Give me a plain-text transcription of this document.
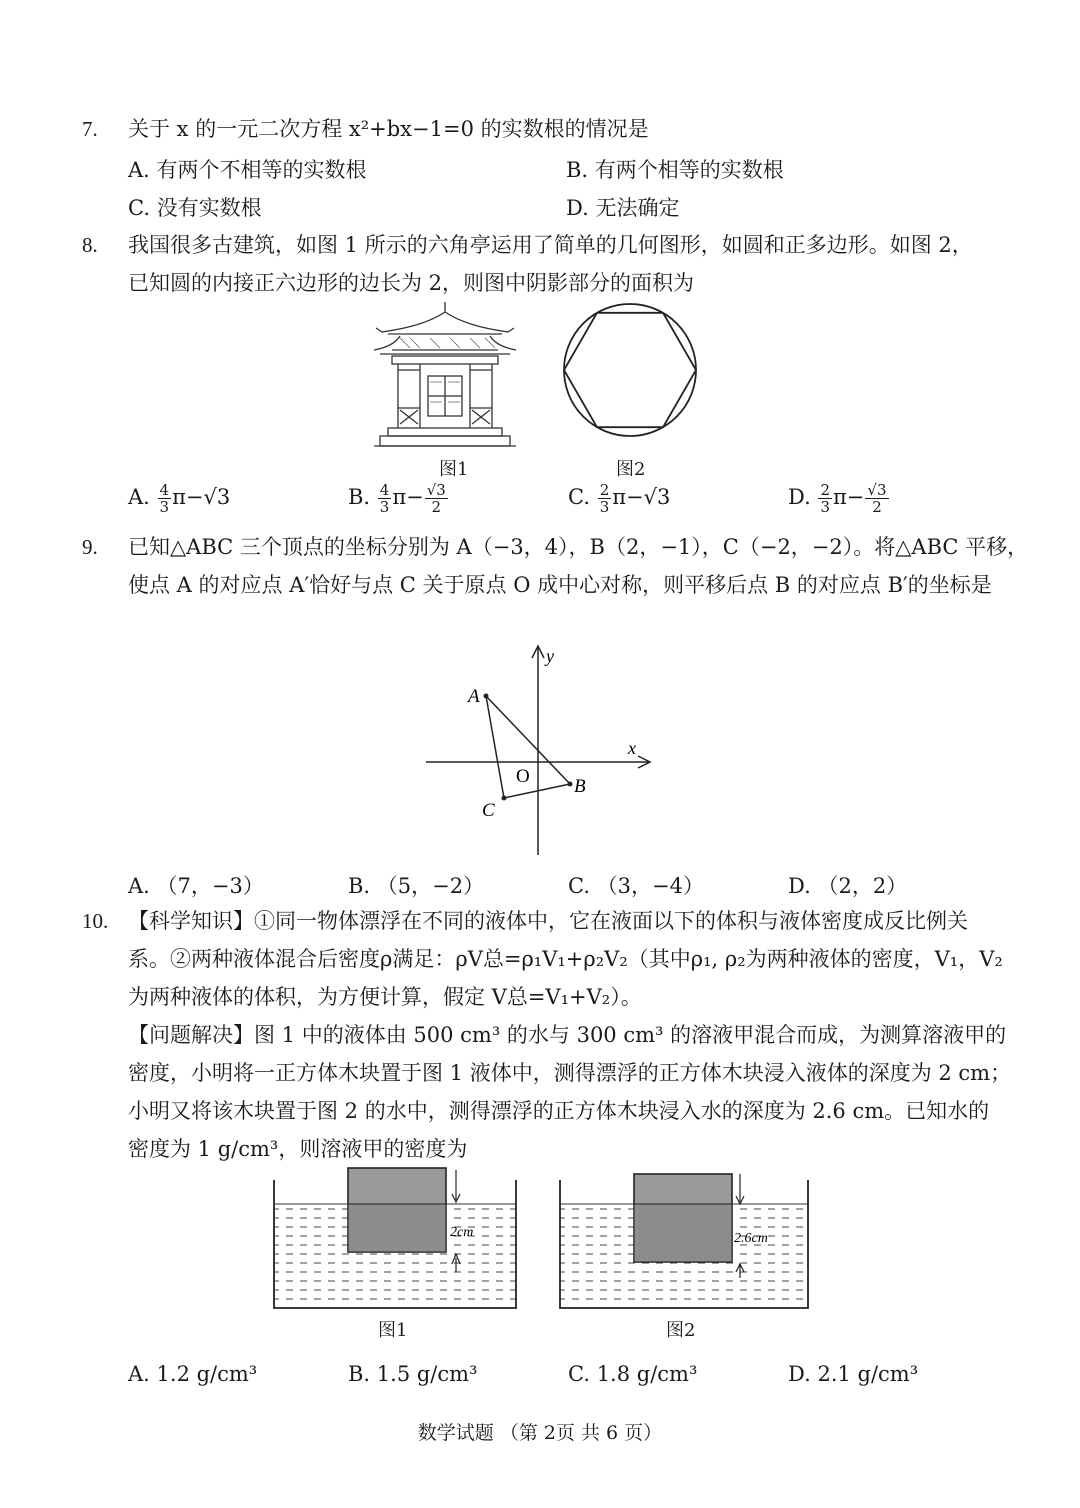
7. 关于 x 的一元二次方程 x²+bx−1=0 的实数根的情况是
A. 有两个不相等的实数根	B. 有两个相等的实数根
C. 没有实数根	D. 无法确定
8. 我国很多古建筑，如图 1 所示的六角亭运用了简单的几何图形，如圆和正多边形。如图 2，
已知圆的内接正六边形的边长为 2，则图中阴影部分的面积为
图1	图2
A. $\frac{4}{3} \pi-√3$	B. $\frac{4}{3} \pi- \frac{√3}{2}$	C. $\frac{2}{3} \pi-√3$	D. $\frac{2}{3} \pi- \frac{√3}{2}$
9. 已知△ABC 三个顶点的坐标分别为 A（−3，4），B（2，−1），C（−2，−2）。将△ABC 平移，
使点 A 的对应点 A′恰好与点 C 关于原点 O 成中心对称，则平移后点 B 的对应点 B′的坐标是
y
x
O
A
B
C
A. （7，−3）	B. （5，−2）	C. （3，−4）	D. （2，2）
10. 【科学知识】①同一物体漂浮在不同的液体中，它在液面以下的体积与液体密度成反比例关
系。②两种液体混合后密度ρ满足：ρV总=ρ₁V₁+ρ₂V₂（其中ρ₁, ρ₂为两种液体的密度，V₁，V₂
为两种液体的体积，为方便计算，假定 V总=V₁+V₂）。
【问题解决】图 1 中的液体由 500 cm³ 的水与 300 cm³ 的溶液甲混合而成，为测算溶液甲的
密度，小明将一正方体木块置于图 1 液体中，测得漂浮的正方体木块浸入液体的深度为 2 cm；
小明又将该木块置于图 2 的水中，测得漂浮的正方体木块浸入水的深度为 2.6 cm。已知水的
密度为 1 g/cm³，则溶液甲的密度为
2cm
图1
2.6cm
图2
A. 1.2 g/cm³	B. 1.5 g/cm³	C. 1.8 g/cm³	D. 2.1 g/cm³
数学试题 （第 2页 共 6 页）
